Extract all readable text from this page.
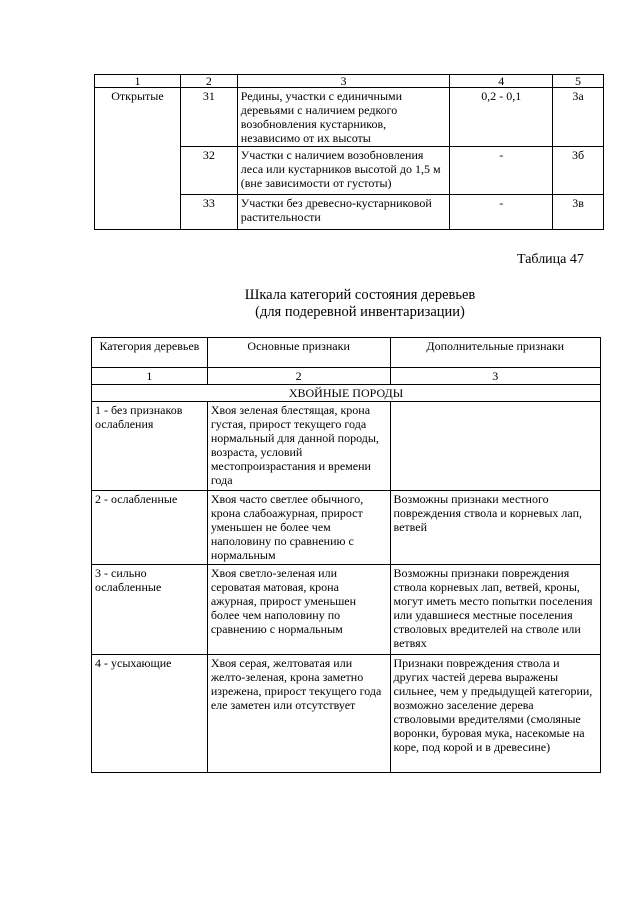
1	2	3	4	5
Открытые	31	Редины, участки с единичными деревьями с наличием редкого возобновления кустарников, независимо от их высоты	0,2 - 0,1	3а
	32	Участки с наличием возобновления леса или кустарников высотой до 1,5 м (вне зависимости от густоты)	-	3б
	33	Участки без древесно-кустарниковой растительности	-	3в
Таблица 47
Шкала категорий состояния деревьев
(для подеревной инвентаризации)
Категория деревьев	Основные признаки	Дополнительные признаки
1	2	3
ХВОЙНЫЕ ПОРОДЫ		
1 - без признаков ослабления	Хвоя зеленая блестящая, крона густая, прирост текущего года нормальный для данной породы, возраста, условий местопроизрастания и времени года	
2 - ослабленные	Хвоя часто светлее обычного, крона слабоажурная, прирост уменьшен не более чем наполовину по сравнению с нормальным	Возможны признаки местного повреждения ствола и корневых лап, ветвей
3 - сильно ослабленные	Хвоя светло-зеленая или сероватая матовая, крона ажурная, прирост уменьшен более чем наполовину по сравнению с нормальным	Возможны признаки повреждения ствола корневых лап, ветвей, кроны, могут иметь место попытки поселения или удавшиеся местные поселения стволовых вредителей на стволе или ветвях
4 - усыхающие	Хвоя серая, желтоватая или желто-зеленая, крона заметно изрежена, прирост текущего года еле заметен или отсутствует	Признаки повреждения ствола и других частей дерева выражены сильнее, чем у предыдущей категории, возможно заселение дерева стволовыми вредителями (смоляные воронки, буровая мука, насекомые на коре, под корой и в древесине)
